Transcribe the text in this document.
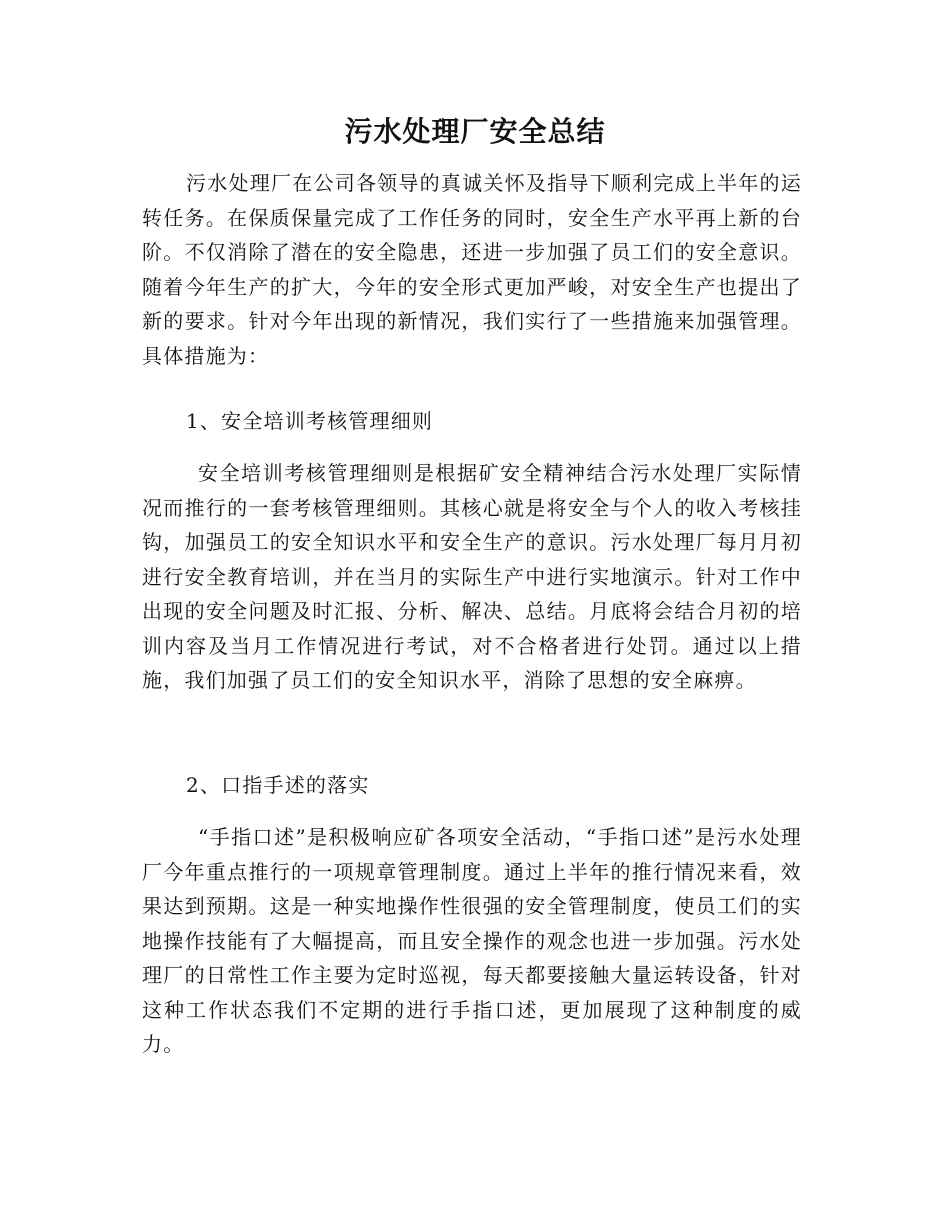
污水处理厂安全总结

污水处理厂在公司各领导的真诚关怀及指导下顺利完成上半年的运转任务。在保质保量完成了工作任务的同时，安全生产水平再上新的台阶。不仅消除了潜在的安全隐患，还进一步加强了员工们的安全意识。随着今年生产的扩大，今年的安全形式更加严峻，对安全生产也提出了新的要求。针对今年出现的新情况，我们实行了一些措施来加强管理。具体措施为：

1、安全培训考核管理细则

安全培训考核管理细则是根据矿安全精神结合污水处理厂实际情况而推行的一套考核管理细则。其核心就是将安全与个人的收入考核挂钩，加强员工的安全知识水平和安全生产的意识。污水处理厂每月月初进行安全教育培训，并在当月的实际生产中进行实地演示。针对工作中出现的安全问题及时汇报、分析、解决、总结。月底将会结合月初的培训内容及当月工作情况进行考试，对不合格者进行处罚。通过以上措施，我们加强了员工们的安全知识水平，消除了思想的安全麻痹。

2、口指手述的落实

“手指口述”是积极响应矿各项安全活动，“手指口述”是污水处理厂今年重点推行的一项规章管理制度。通过上半年的推行情况来看，效果达到预期。这是一种实地操作性很强的安全管理制度，使员工们的实地操作技能有了大幅提高，而且安全操作的观念也进一步加强。污水处理厂的日常性工作主要为定时巡视，每天都要接触大量运转设备，针对这种工作状态我们不定期的进行手指口述，更加展现了这种制度的威力。
